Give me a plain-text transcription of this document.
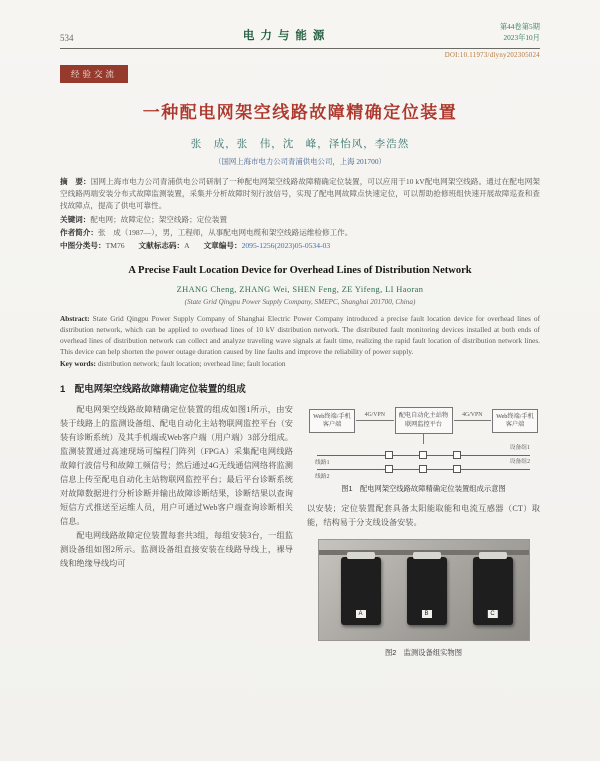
534	电力与能源
第44卷第5期
2023年10月
DOI:10.11973/dlyny202305024
经验交流
一种配电网架空线路故障精确定位装置
张　成，张　伟，沈　峰，泽怡风，李浩然
（国网上海市电力公司青浦供电公司，上海 201700）

摘　要：国网上海市电力公司青浦供电公司研制了一种配电网架空线路故障精确定位装置，可以应用于10 kV配电网架空线路。通过在配电网架空线路两端安装分布式故障监测装置，采集并分析故障时刻行波信号，实现了配电网故障点快速定位，可以帮助抢修班组快速开展故障巡查和查找故障点，提高了供电可靠性。

关键词：配电网；故障定位；架空线路；定位装置

作者简介：张　成（1987—），男，工程师，从事配电网电缆和架空线路运维检修工作。

中图分类号：TM76 文献标志码：A 文章编号：2095-1256(2023)05-0534-03

A Precise Fault Location Device for Overhead Lines of Distribution Network
ZHANG Cheng, ZHANG Wei, SHEN Feng, ZE Yifeng, LI Haoran
(State Grid Qingpu Power Supply Company, SMEPC, Shanghai 201700, China)

Abstract: State Grid Qingpu Power Supply Company of Shanghai Electric Power Company introduced a precise fault location device for overhead lines of distribution network, which can be applied to overhead lines of 10 kV distribution network. The distributed fault monitoring devices installed at both ends of overhead lines of distribution network can collect and analyze traveling wave signals at fault time, realizing the rapid fault location of distribution network lines. This device can help shorten the power outage duration caused by line faults and improve the reliability of power supply.

Key words: distribution network; fault location; overhead line; fault location

1　配电网架空线路故障精确定位装置的组成

配电网架空线路故障精确定位装置的组成如图1所示，由安装于线路上的监测设备组、配电自动化主站物联网监控平台（安装有诊断系统）及其手机端或Web客户端（用户端）3部分组成。监测装置通过高速现场可编程门阵列（FPGA）采集配电网线路故障行波信号和故障工频信号；然后通过4G无线通信网络将监测信息上传至配电自动化主站物联网监控平台；最后平台诊断系统对故障数据进行分析诊断并输出故障诊断结果，诊断结果以查询短信方式推送至运维人员，用户可通过Web客户端查询诊断相关信息。

配电网线路故障定位装置每套共3组，每组安装3台，一组监测设备组如图2所示。监测设备组直接安装在线路导线上，裸导线和绝缘导线均可

Web终端/手机客户端
4G/VPN	配电自动化主站物联网监控平台
4G/VPN	Web终端/手机客户端
线路1
设备组1
线路2
设备组2
图1　配电网架空线路故障精确定位装置组成示意图

以安装；定位装置配套具备太阳能取能和电流互感器（CT）取能，结构易于分支线设备安装。

A	B	C
图2　监测设备组实物图
